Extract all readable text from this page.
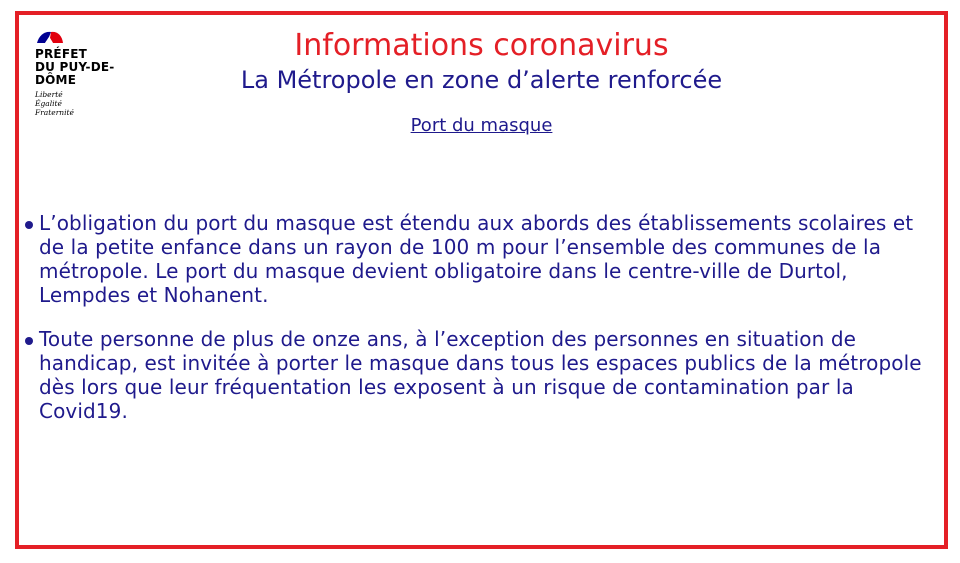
PRÉFET
DU PUY-DE-
DÔME
Liberté
Égalité
Fraternité
Informations coronavirus
La Métropole en zone d’alerte renforcée
Port du masque
L’obligation du port du masque est étendu aux abords des établissements scolaires et de la petite enfance dans un rayon de 100 m pour l’ensemble des communes de la métropole. Le port du masque devient obligatoire dans le centre-ville de Durtol, Lempdes et Nohanent.
Toute personne de plus de onze ans, à l’exception des personnes en situation de handicap, est invitée à porter le masque dans tous les espaces publics de la métropole dès lors que leur fréquentation les exposent à un risque de contamination par la Covid19.
